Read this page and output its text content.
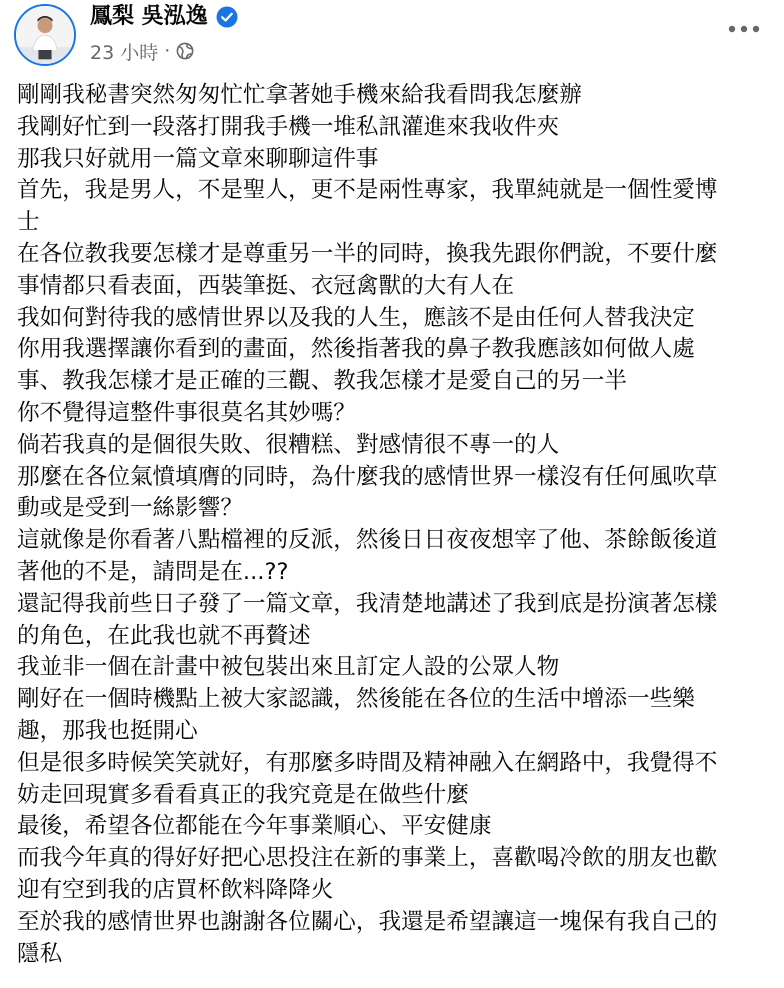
鳳梨 吳泓逸
23 小時 ·

剛剛我秘書突然匆匆忙忙拿著她手機來給我看問我怎麼辦

我剛好忙到一段落打開我手機一堆私訊灌進來我收件夾

那我只好就用一篇文章來聊聊這件事

首先，我是男人，不是聖人，更不是兩性專家，我單純就是一個性愛博

士

在各位教我要怎樣才是尊重另一半的同時，換我先跟你們說，不要什麼

事情都只看表面，西裝筆挺、衣冠禽獸的大有人在

我如何對待我的感情世界以及我的人生，應該不是由任何人替我決定

你用我選擇讓你看到的畫面，然後指著我的鼻子教我應該如何做人處

事、教我怎樣才是正確的三觀、教我怎樣才是愛自己的另一半

你不覺得這整件事很莫名其妙嗎？

倘若我真的是個很失敗、很糟糕、對感情很不專一的人

那麼在各位氣憤填膺的同時，為什麼我的感情世界一樣沒有任何風吹草

動或是受到一絲影響？

這就像是你看著八點檔裡的反派，然後日日夜夜想宰了他、茶餘飯後道

著他的不是，請問是在...??

還記得我前些日子發了一篇文章，我清楚地講述了我到底是扮演著怎樣

的角色，在此我也就不再贅述

我並非一個在計畫中被包裝出來且訂定人設的公眾人物

剛好在一個時機點上被大家認識，然後能在各位的生活中增添一些樂

趣，那我也挺開心

但是很多時候笑笑就好，有那麼多時間及精神融入在網路中，我覺得不

妨走回現實多看看真正的我究竟是在做些什麼

最後，希望各位都能在今年事業順心、平安健康

而我今年真的得好好把心思投注在新的事業上，喜歡喝冷飲的朋友也歡

迎有空到我的店買杯飲料降降火

至於我的感情世界也謝謝各位關心，我還是希望讓這一塊保有我自己的

隱私
